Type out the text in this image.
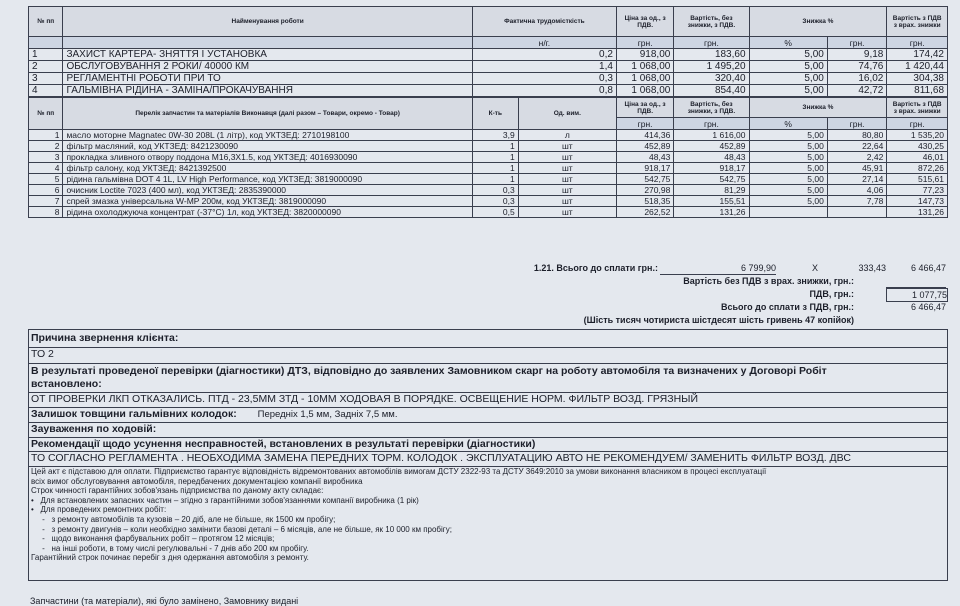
№ пп	Найменування роботи	Фактична трудомісткість	Ціна за од., з ПДВ.	Вартість, без знижки, з ПДВ.	Знижка %		Вартість з ПДВ з врах. знижки
		н/г.	грн.	грн.	%	грн.	грн.
1	ЗАХИСТ КАРТЕРА- ЗНЯТТЯ І УСТАНОВКА	0,2	918,00	183,60	5,00	9,18	174,42
2	ОБСЛУГОВУВАННЯ 2 РОКИ/ 40000 КМ	1,4	1 068,00	1 495,20	5,00	74,76	1 420,44
3	РЕГЛАМЕНТНІ РОБОТИ ПРИ ТО	0,3	1 068,00	320,40	5,00	16,02	304,38
4	ГАЛЬМІВНА РІДИНА - ЗАМІНА/ПРОКАЧУВАННЯ	0,8	1 068,00	854,40	5,00	42,72	811,68
№ пп	Перелік запчастин та матеріалів Виконавця (далі разом – Товари, окремо - Товар)	К-ть	Од. вим.	Ціна за од., з ПДВ.	Вартість, без знижки, з ПДВ.	Знижка %		Вартість з ПДВ з врах. знижки
				грн.	грн.	%	грн.	грн.
1	масло моторне Magnatec 0W-30 208L (1 літр), код УКТЗЕД: 2710198100	3,9	л	414,36	1 616,00	5,00	80,80	1 535,20
2	фільтр масляний, код УКТЗЕД: 8421230090	1	шт	452,89	452,89	5,00	22,64	430,25
3	прокладка зливного отвору поддона M16,3X1.5, код УКТЗЕД: 4016930090	1	шт	48,43	48,43	5,00	2,42	46,01
4	фільтр салону, код УКТЗЕД: 8421392500	1	шт	918,17	918,17	5,00	45,91	872,26
5	рідина гальмівна DOT 4 1L, LV High Performance, код УКТЗЕД: 3819000090	1	шт	542,75	542,75	5,00	27,14	515,61
6	очисник Loctite 7023 (400 мл), код УКТЗЕД: 2835390000	0,3	шт	270,98	81,29	5,00	4,06	77,23
7	спрей змазка універсальна W-MP 200м, код УКТЗЕД: 3819000090	0,3	шт	518,35	155,51	5,00	7,78	147,73
8	рідина охолоджуюча концентрат (-37°C) 1л, код УКТЗЕД: 3820000090	0,5	шт	262,52	131,26			131,26
1.21. Всього до сплати грн.:	6 799,90	X	333,43	6 466,47
Вартість без ПДВ з врах. знижки, грн.:
ПДВ, грн.:	1 077,75
Всього до сплати з ПДВ, грн.:	6 466,47
(Шість тисяч чотириста шістдесят шість гривень 47 копійок)
Причина звернення клієнта:
ТО 2
В результаті проведеної перевірки (діагностики) ДТЗ, відповідно до заявлених Замовником скарг на роботу автомобіля та визначених у Договорі Робіт
встановлено:
ОТ ПРОВЕРКИ ЛКП ОТКАЗАЛИСЬ. ПТД - 23,5ММ ЗТД - 10ММ ХОДОВАЯ В ПОРЯДКЕ. ОСВЕЩЕНИЕ НОРМ. ФИЛЬТР ВОЗД. ГРЯЗНЫЙ
Залишок товщини гальмівних колодок: Передніх 1,5 мм, Задніх 7,5 мм.
Зауваження по ходовій:
Рекомендації щодо усунення несправностей, встановлених в результаті перевірки (діагностики)
ТО СОГЛАСНО РЕГЛАМЕНТА . НЕОБХОДИМА ЗАМЕНА ПЕРЕДНИХ ТОРМ. КОЛОДОК . ЭКСПЛУАТАЦИЮ АВТО НЕ РЕКОМЕНДУЕМ/ ЗАМЕНИТЬ ФИЛЬТР ВОЗД. ДВС
Цей акт є підставою для оплати. Підприємство гарантує відповідність відремонтованих автомобілів вимогам ДСТУ 2322-93 та ДСТУ 3649:2010 за умови виконання власником в процесі експлуатації
всіх вимог обслуговування автомобіля, передбачених документацією компанії виробника
Строк чинності гарантійних зобов'язань підприємства по даному акту складає:
•   Для встановлених запасних частин – згідно з гарантійними зобов'язаннями компанії виробника (1 рік)
•   Для проведених ремонтних робіт:
-   з ремонту автомобілів та кузовів – 20 діб, але не більше, як 1500 км пробігу;
-   з ремонту двигунів – коли необхідно замінити базові деталі – 6 місяців, але не більше, як 10 000 км пробігу;
-   щодо виконання фарбувальних робіт – протягом 12 місяців;
-   на інші роботи, в тому числі регулювальні - 7 днів або 200 км пробігу.
Гарантійний строк починає перебіг з дня одержання автомобіля з ремонту.
Запчастини (та матеріали), які було замінено, Замовнику видані
